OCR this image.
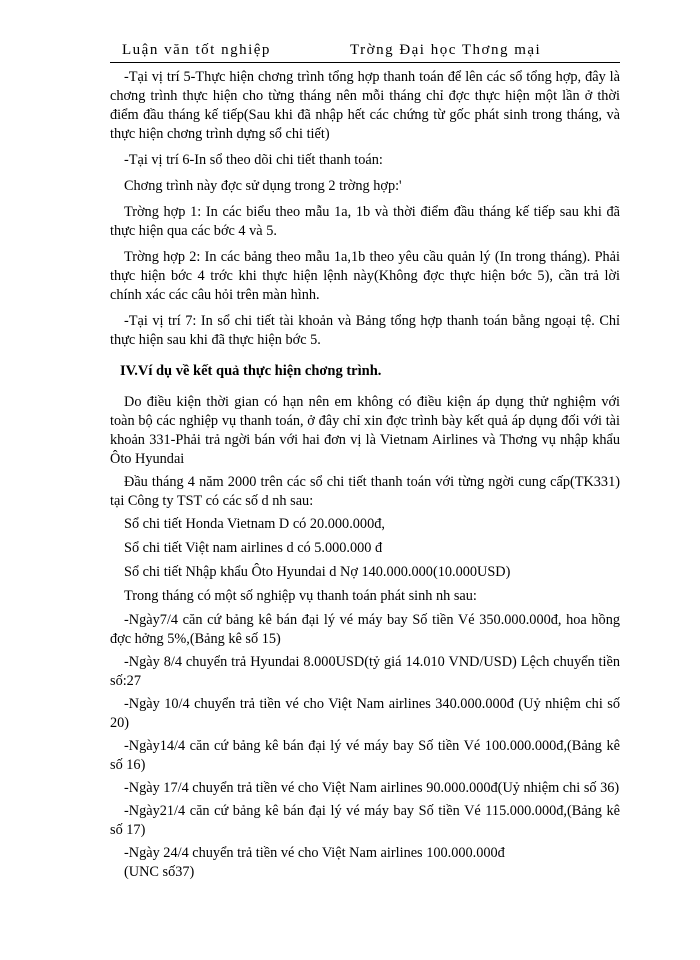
Luận văn tốt nghiệp	Trờng Đại học Thơng mại

-Tại vị trí 5-Thực hiện chơng trình tổng hợp thanh toán để lên các sổ tổng hợp, đây là chơng trình thực hiện cho từng tháng nên mỗi tháng chỉ đợc thực hiện một lần ở thời điểm đầu tháng kế tiếp(Sau khi đã nhập hết các chứng từ gốc phát sinh trong tháng, và thực hiện chơng trình dựng sổ chi tiết)

-Tại vị trí 6-In sổ theo dõi chi tiết thanh toán:

Chơng trình này đợc sử dụng trong 2 trờng hợp:'

Trờng hợp 1: In các biểu theo mẫu 1a, 1b và thời điểm đầu tháng kế tiếp sau khi đã thực hiện qua các bớc 4 và 5.

Trờng hợp 2: In các bảng theo mẫu 1a,1b theo yêu cầu quản lý (In trong tháng). Phải thực hiện bớc 4 trớc khi thực hiện lệnh này(Không đợc thực hiện bớc 5), cần trả lời chính xác các câu hỏi trên màn hình.

-Tại vị trí 7: In sổ chi tiết tài khoản và Bảng tổng hợp thanh toán bằng ngoại tệ. Chỉ thực hiện sau khi đã thực hiện bớc 5.

IV.Ví dụ về kết quả thực hiện chơng trình.

Do điều kiện thời gian có hạn nên em không có điều kiện áp dụng thử nghiệm với toàn bộ các nghiệp vụ thanh toán, ở đây chỉ xin đợc trình bày kết quả áp dụng đối với tài khoản 331-Phải trả ngời bán với hai đơn vị là Vietnam Airlines và Thơng vụ nhập khẩu Ôto Hyundai

Đầu tháng 4 năm 2000 trên các sổ chi tiết thanh toán với từng ngời cung cấp(TK331) tại Công ty TST có các số d nh sau:

Sổ chi tiết Honda Vietnam D có 20.000.000đ,
Sổ chi tiết Việt nam airlines d có 5.000.000 đ
Sổ chi tiết Nhập khẩu Ôto Hyundai d Nợ 140.000.000(10.000USD)
Trong tháng có một số nghiệp vụ thanh toán phát sinh nh sau:

-Ngày7/4 căn cứ bảng kê bán đại lý vé máy bay Số tiền Vé 350.000.000đ, hoa hồng đợc hởng 5%,(Bảng kê số 15)

-Ngày 8/4 chuyển trả Hyundai 8.000USD(tỷ giá 14.010 VND/USD) Lệch chuyển tiền số:27

-Ngày 10/4 chuyển trả tiền vé cho Việt Nam airlines 340.000.000đ (Uỷ nhiệm chi số 20)

-Ngày14/4 căn cứ bảng kê bán đại lý vé máy bay Số tiền Vé 100.000.000đ,(Bảng kê số 16)

-Ngày 17/4 chuyển trả tiền vé cho Việt Nam airlines 90.000.000đ(Uỷ nhiệm chi số 36)

-Ngày21/4 căn cứ bảng kê bán đại lý vé máy bay Số tiền Vé 115.000.000đ,(Bảng kê số 17)

-Ngày 24/4 chuyển trả tiền vé cho Việt Nam airlines 100.000.000đ

(UNC số37)
